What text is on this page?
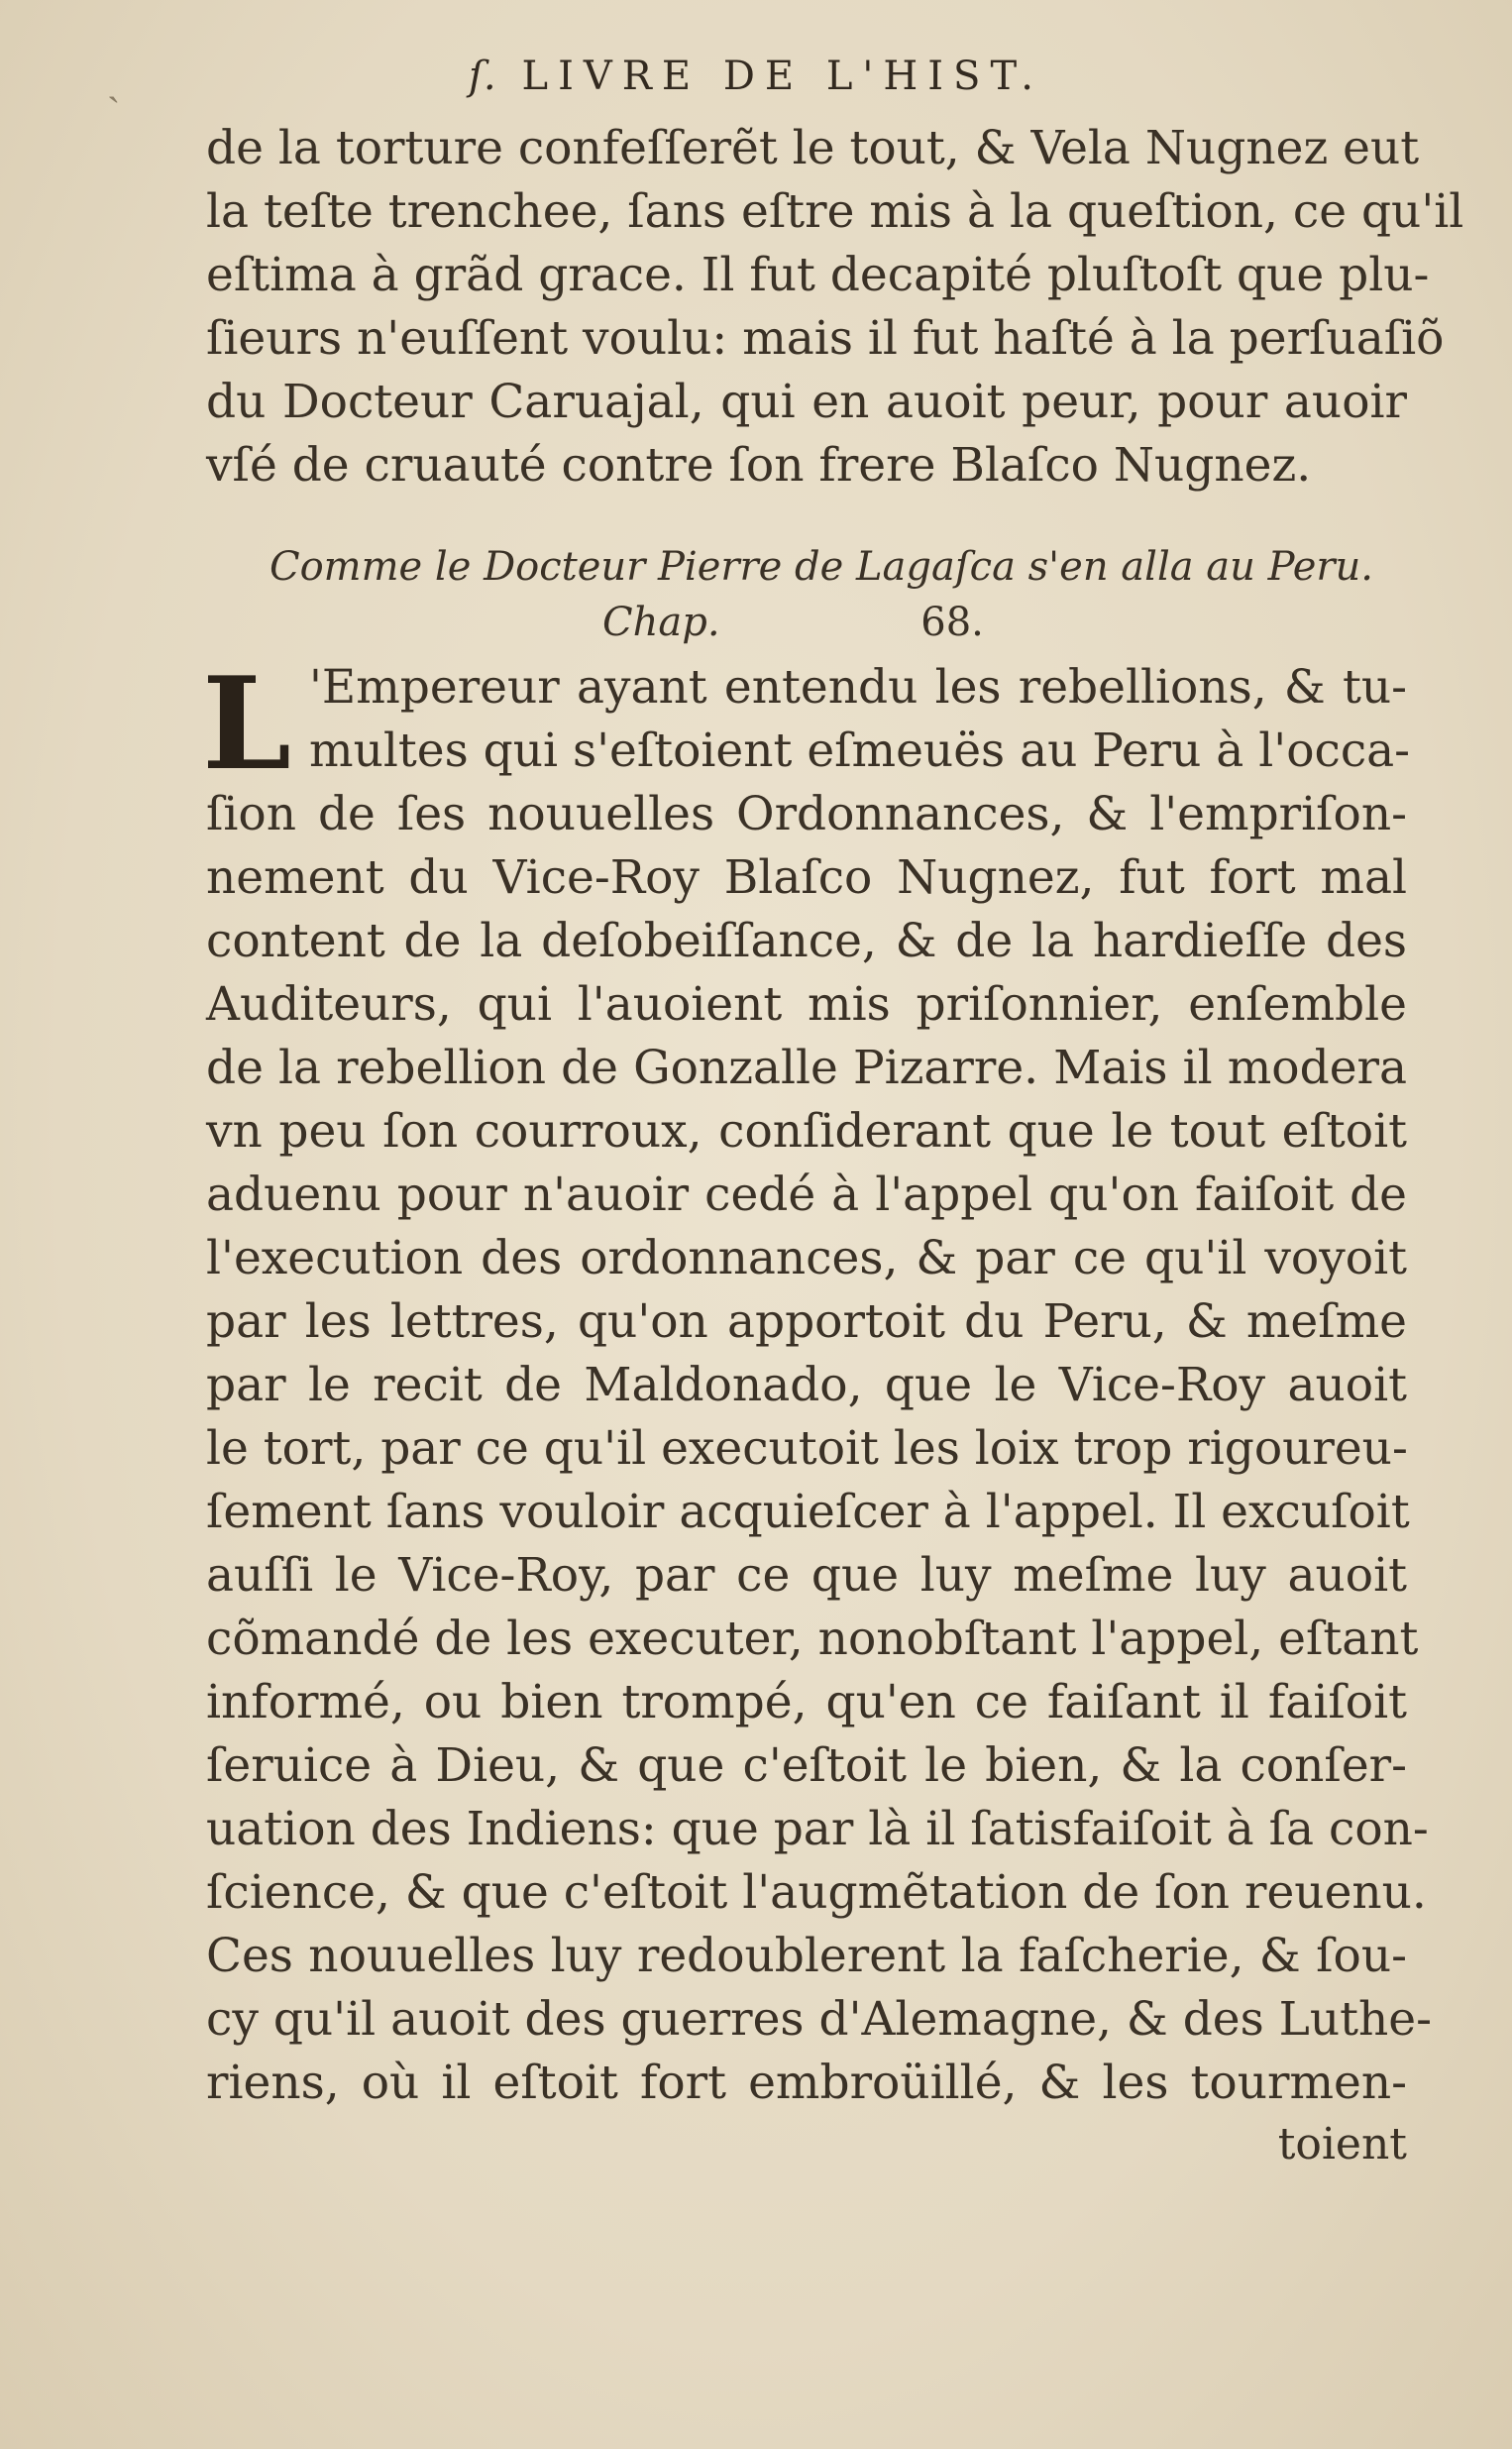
ˎ	ſ. LIVRE DE L'HIST.
de la torture confeſſerẽt le tout, & Vela Nugnez eut
la teſte trenchee, ſans eſtre mis à la queſtion, ce qu'il
eſtima à grãd grace. Il fut decapité pluſtoſt que plu-
ſieurs n'euſſent voulu: mais il fut haſté à la perſuaſiõ
du Docteur Caruajal, qui en auoit peur, pour auoir
vſé de cruauté contre ſon frere Blaſco Nugnez.
Comme le Docteur Pierre de Lagaſca s'en alla au Peru.
Chap.	68.
L 'Empereur ayant entendu les rebellions, & tu-
multes qui s'eſtoient eſmeuës au Peru à l'occa-
ſion de ſes nouuelles Ordonnances, & l'empriſon-
nement du Vice-Roy Blaſco Nugnez, fut fort mal
content de la deſobeiſſance, & de la hardieſſe des
Auditeurs, qui l'auoient mis priſonnier, enſemble
de la rebellion de Gonzalle Pizarre. Mais il modera
vn peu ſon courroux, conſiderant que le tout eſtoit
aduenu pour n'auoir cedé à l'appel qu'on faiſoit de
l'execution des ordonnances, & par ce qu'il voyoit
par les lettres, qu'on apportoit du Peru, & meſme
par le recit de Maldonado, que le Vice-Roy auoit
le tort, par ce qu'il executoit les loix trop rigoureu-
ſement ſans vouloir acquieſcer à l'appel. Il excuſoit
auſſi le Vice-Roy, par ce que luy meſme luy auoit
cõmandé de les executer, nonobſtant l'appel, eſtant
informé, ou bien trompé, qu'en ce faiſant il faiſoit
ſeruice à Dieu, & que c'eſtoit le bien, & la conſer-
uation des Indiens: que par là il ſatisfaiſoit à ſa con-
ſcience, & que c'eſtoit l'augmẽtation de ſon reuenu.
Ces nouuelles luy redoublerent la faſcherie, & ſou-
cy qu'il auoit des guerres d'Alemagne, & des Luthe-
riens, où il eſtoit fort embroüillé, & les tourmen-
toient
